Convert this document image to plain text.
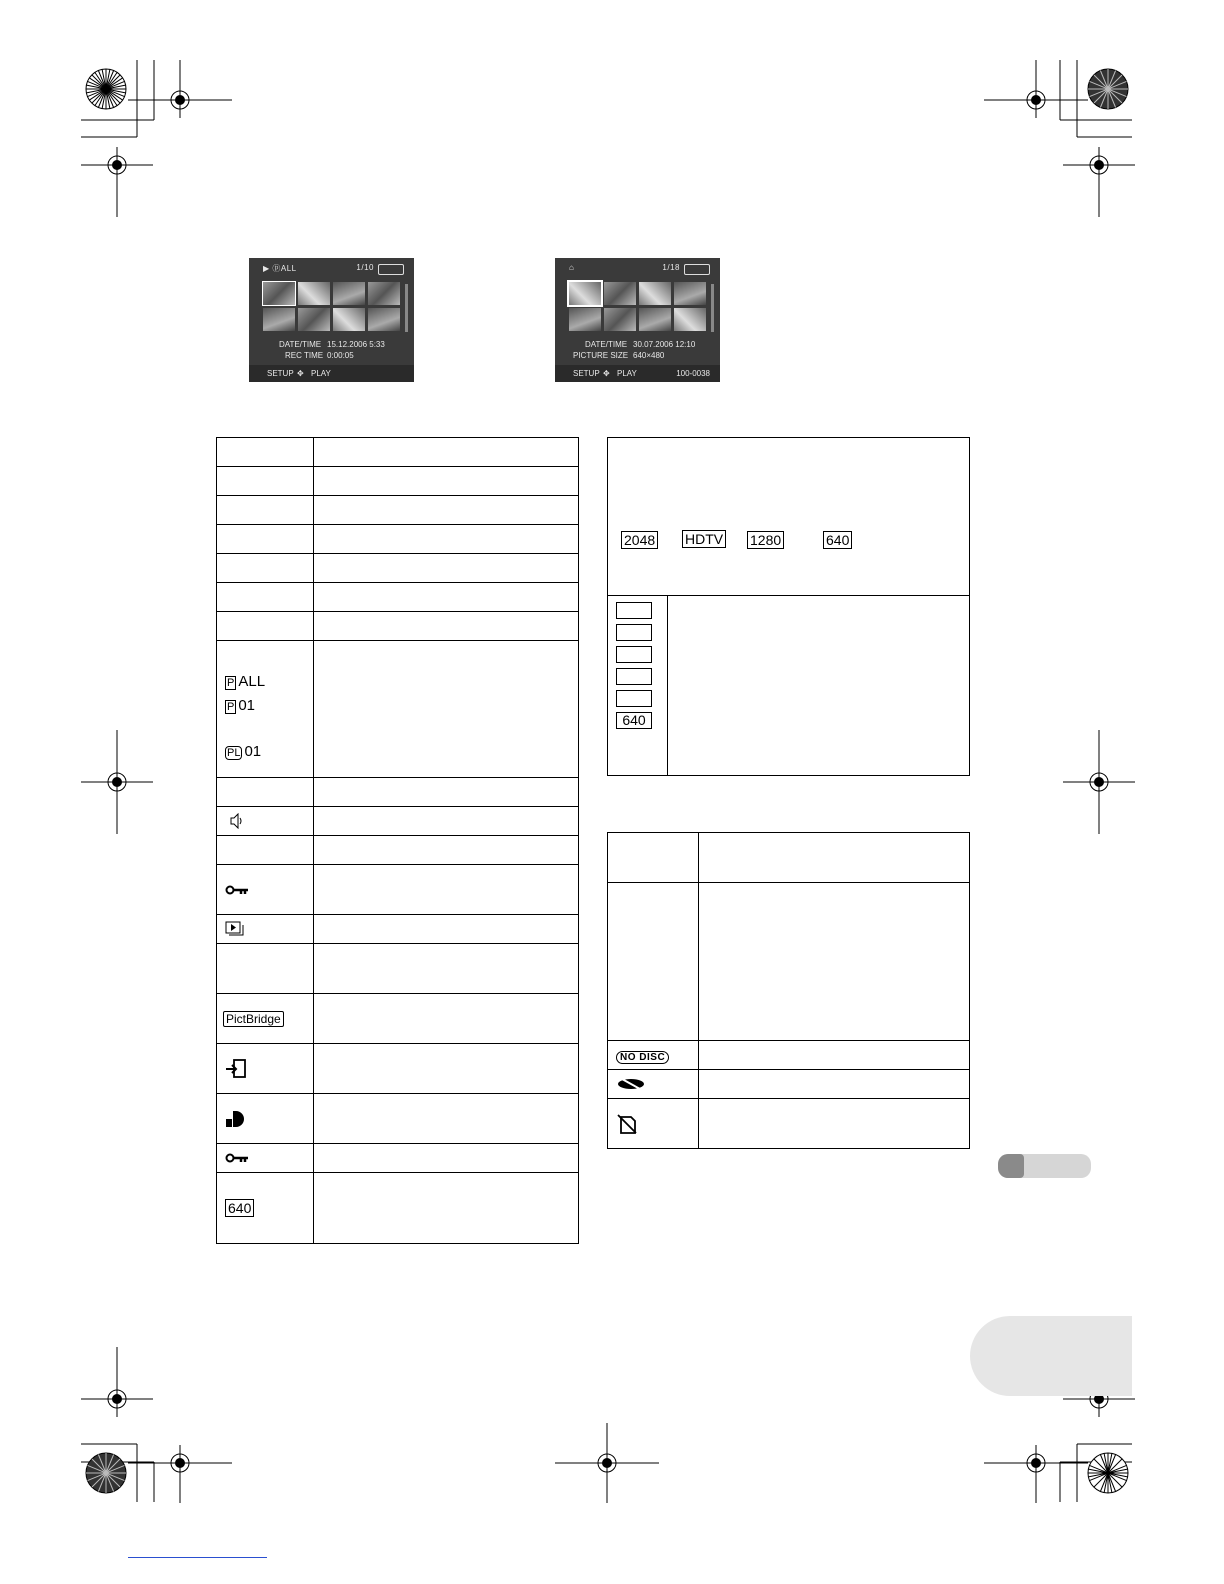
▶ ⓟALL	1/10
DATE/TIME 15.12.2006 5:33
REC TIME 0:00:05
SETUP ✥ PLAY
⌂	1/18
DATE/TIME 30.07.2006 12:10
PICTURE SIZE 640×480
SETUP ✥ PLAY	100-0038

P ALL
P 01
PL 01	

PictBridge	

640	
2048 HDTV 1280	640

640

NO DISC	
